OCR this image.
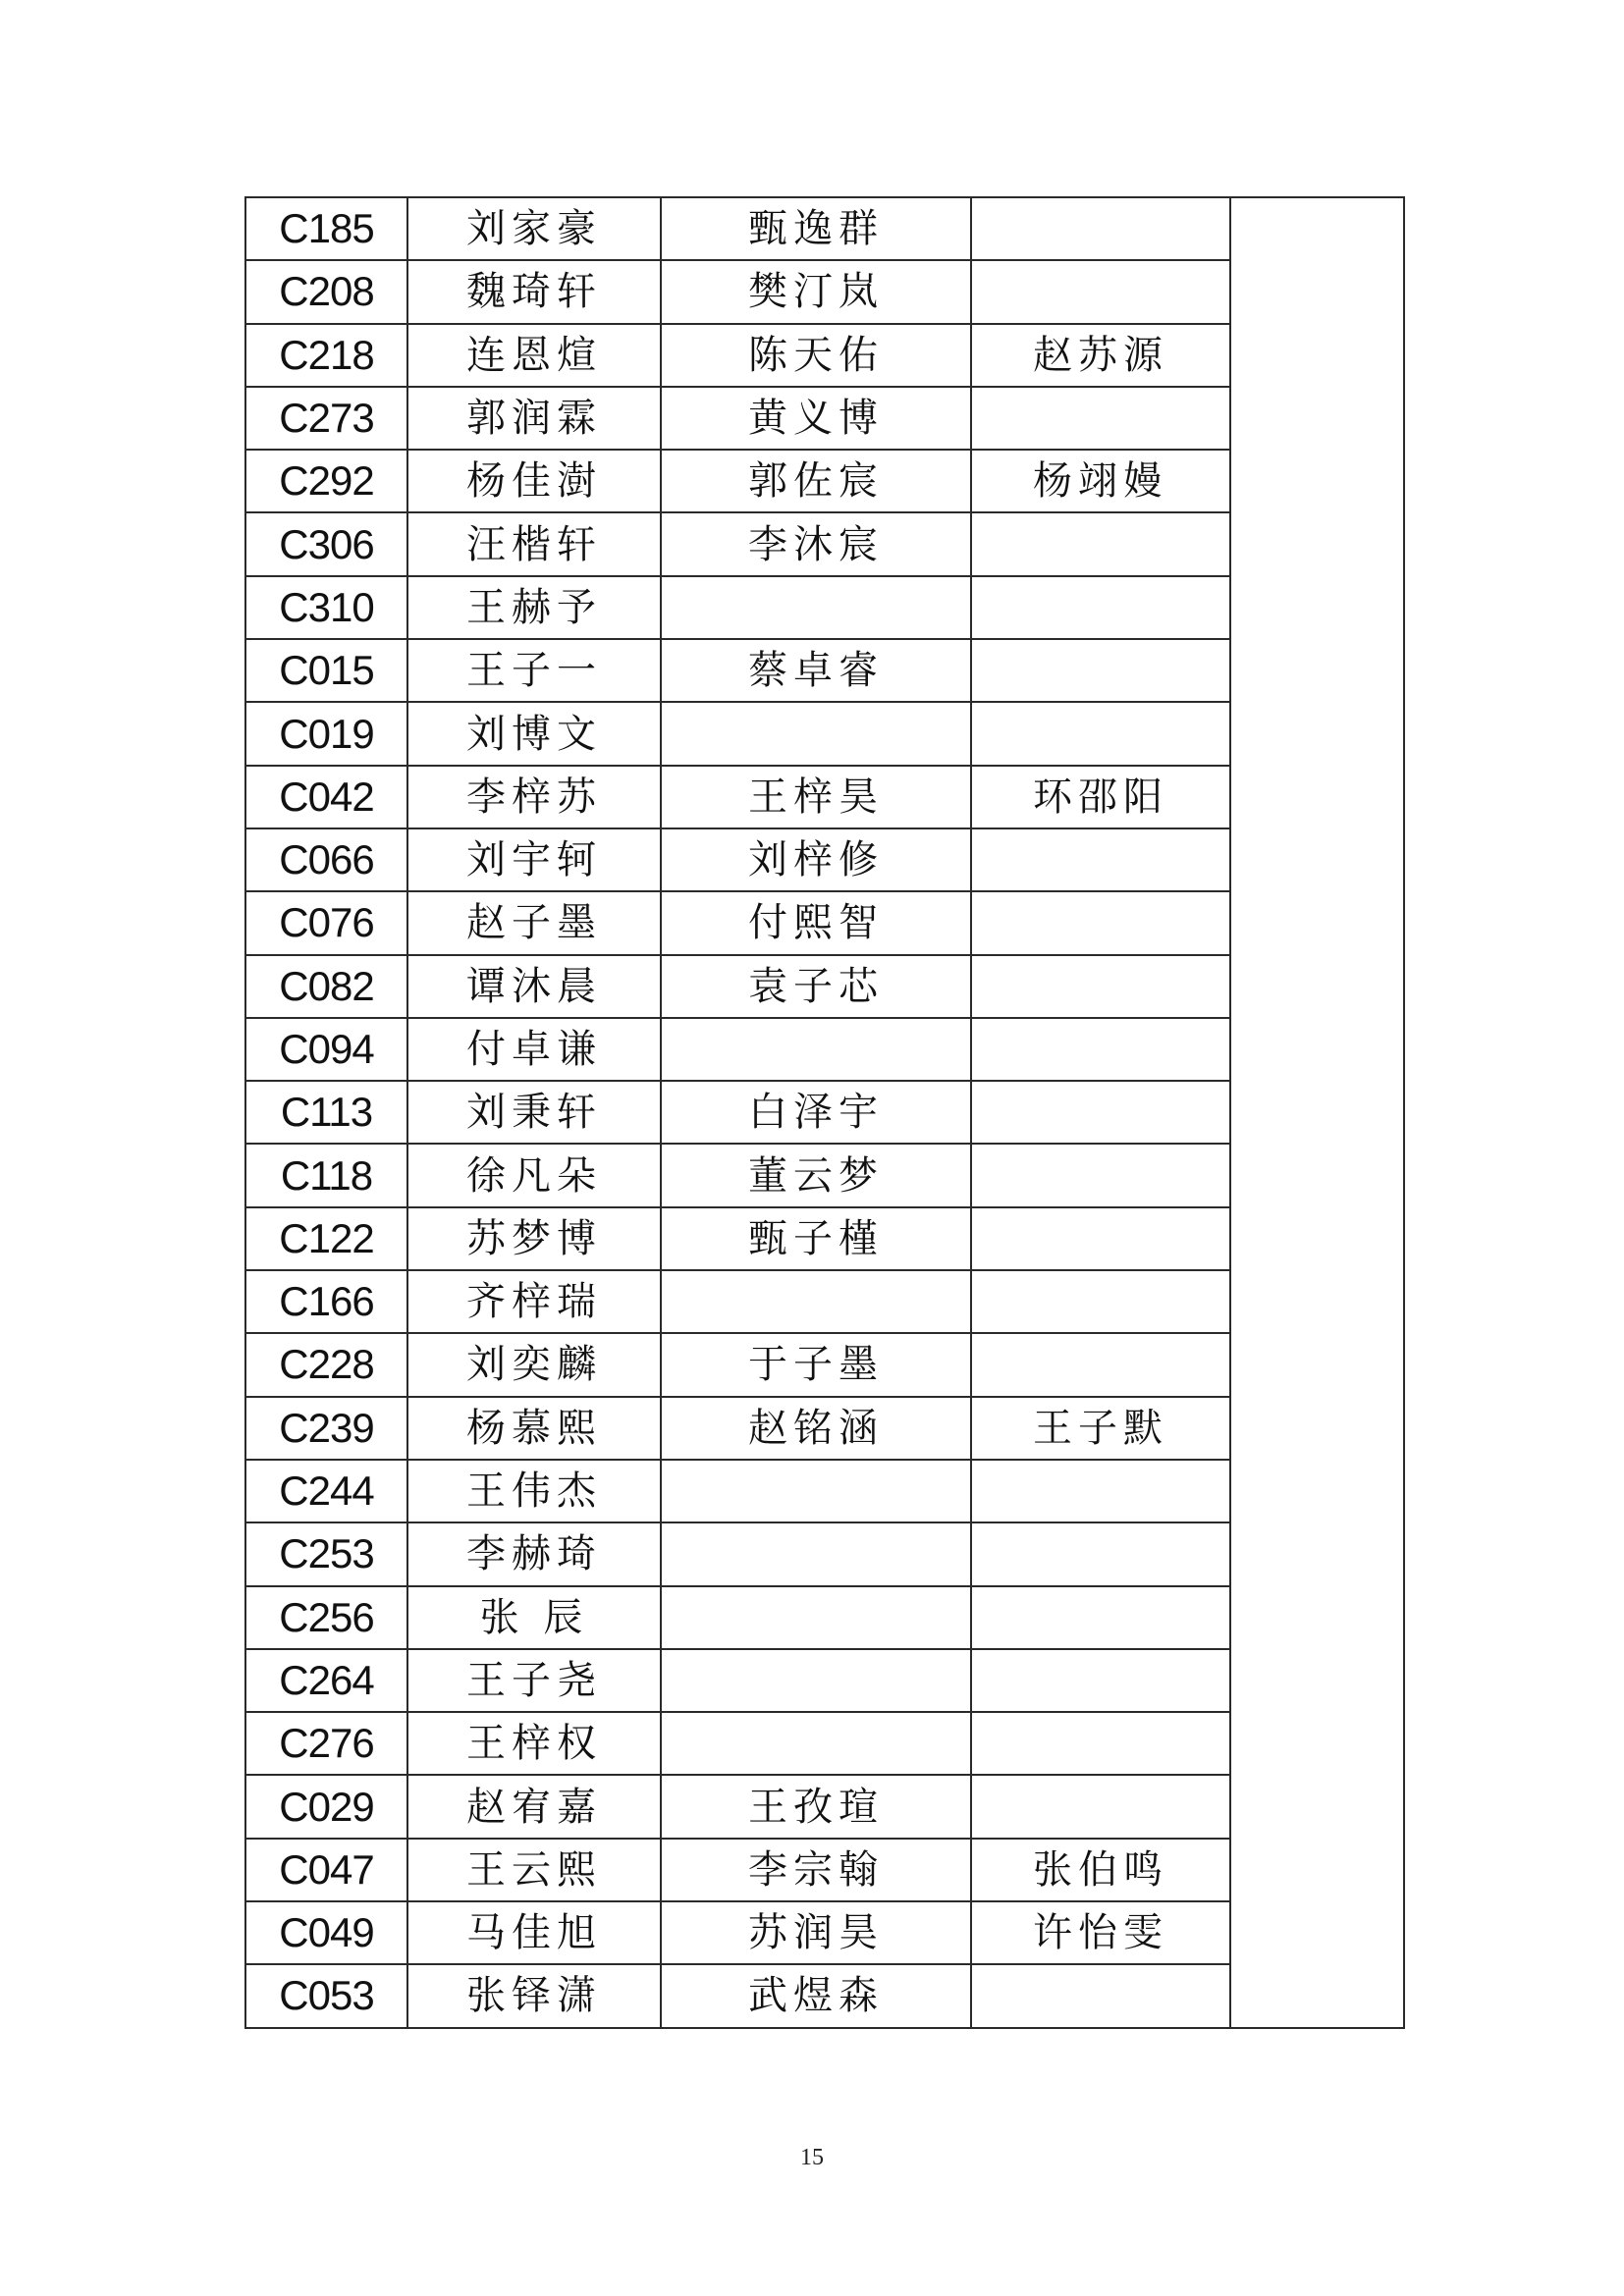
C185	刘家豪	甄逸群		
C208	魏琦轩	樊汀岚		
C218	连恩煊	陈天佑	赵苏源	
C273	郭润霖	黄义博		
C292	杨佳澍	郭佐宸	杨翊嫚	
C306	汪楷轩	李沐宸		
C310	王赫予			
C015	王子一	蔡卓睿		
C019	刘博文			
C042	李梓苏	王梓昊	环邵阳	
C066	刘宇轲	刘梓修		
C076	赵子墨	付熙智		
C082	谭沐晨	袁子芯		
C094	付卓谦			
C113	刘秉轩	白泽宇		
C118	徐凡朵	董云梦		
C122	苏梦博	甄子槿		
C166	齐梓瑞			
C228	刘奕麟	于子墨		
C239	杨慕熙	赵铭涵	王子默	
C244	王伟杰			
C253	李赫琦			
C256	张 辰			
C264	王子尧			
C276	王梓权			
C029	赵宥嘉	王孜瑄		
C047	王云熙	李宗翰	张伯鸣	
C049	马佳旭	苏润昊	许怡雯	
C053	张铎潇	武煜森		
15
